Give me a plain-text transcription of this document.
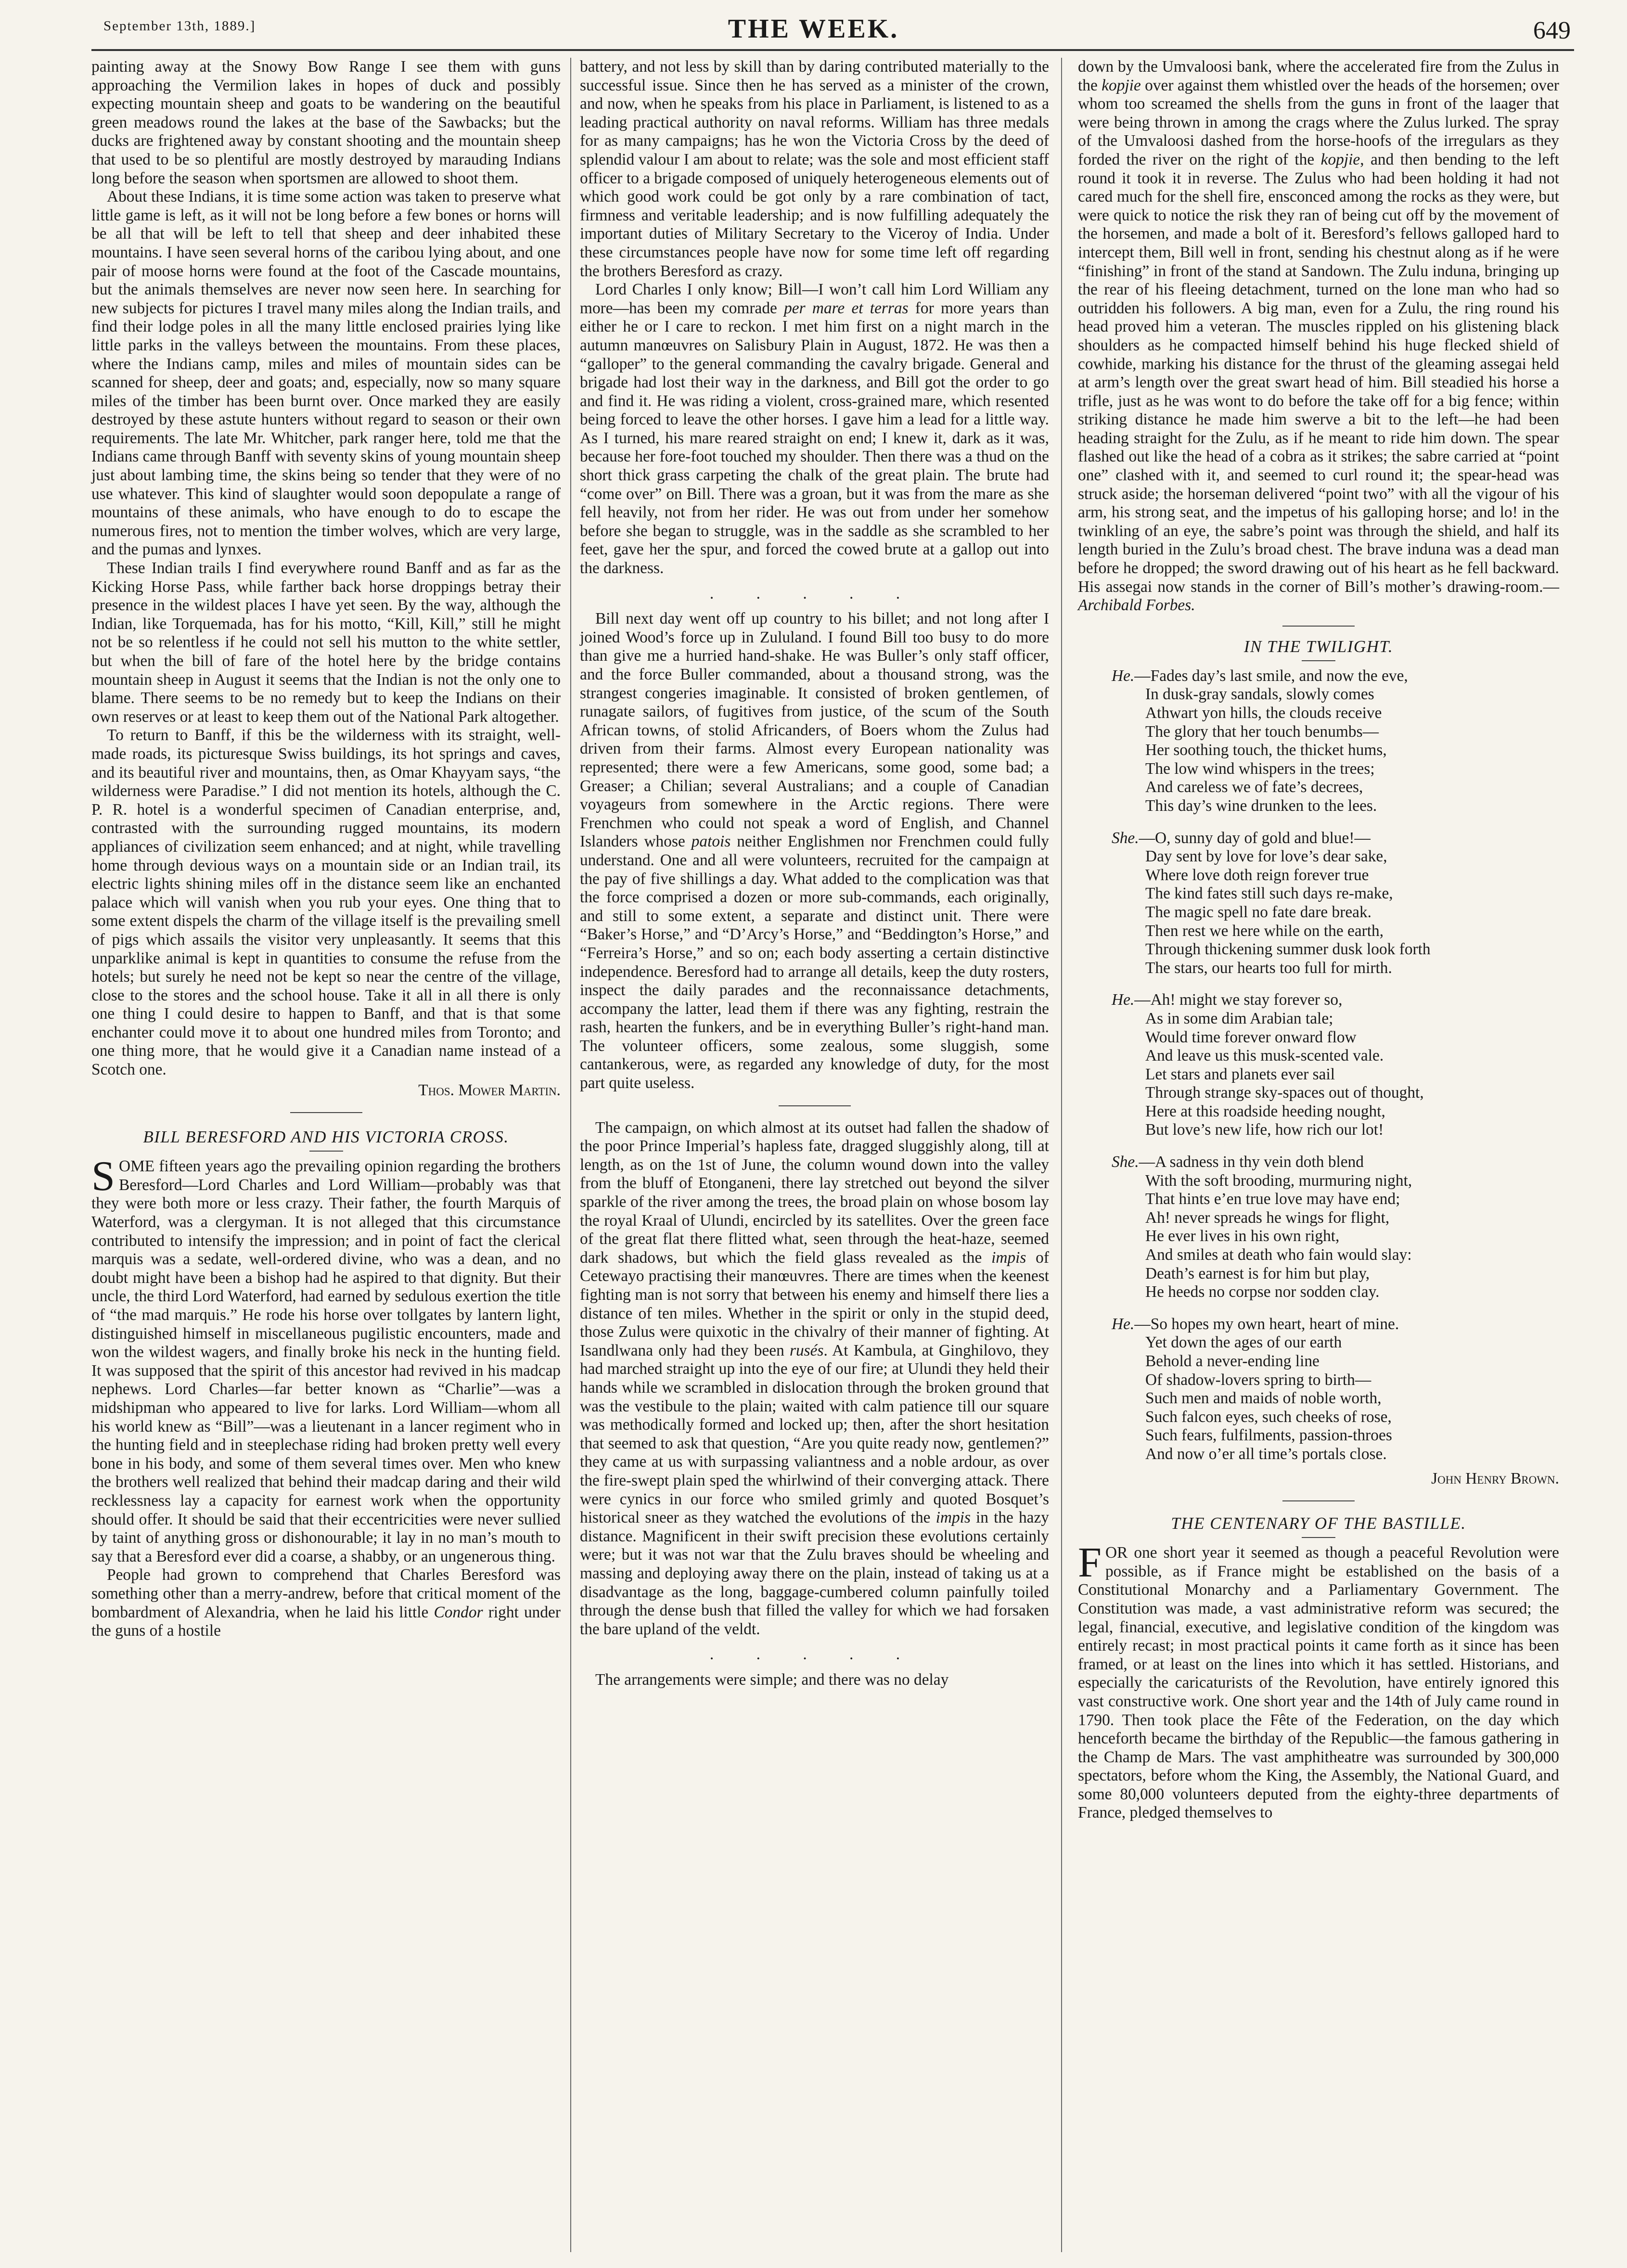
September 13th, 1889.]	THE WEEK.	649

painting away at the Snowy Bow Range I see them with guns approaching the Vermilion lakes in hopes of duck and possibly expecting mountain sheep and goats to be wandering on the beautiful green meadows round the lakes at the base of the Sawbacks; but the ducks are frightened away by constant shooting and the mountain sheep that used to be so plentiful are mostly destroyed by marauding Indians long before the season when sportsmen are allowed to shoot them.

About these Indians, it is time some action was taken to preserve what little game is left, as it will not be long before a few bones or horns will be all that will be left to tell that sheep and deer inhabited these mountains. I have seen several horns of the caribou lying about, and one pair of moose horns were found at the foot of the Cascade mountains, but the animals themselves are never now seen here. In searching for new subjects for pictures I travel many miles along the Indian trails, and find their lodge poles in all the many little enclosed prairies lying like little parks in the valleys between the mountains. From these places, where the Indians camp, miles and miles of mountain sides can be scanned for sheep, deer and goats; and, especially, now so many square miles of the timber has been burnt over. Once marked they are easily destroyed by these astute hunters without regard to season or their own requirements. The late Mr. Whitcher, park ranger here, told me that the Indians came through Banff with seventy skins of young mountain sheep just about lambing time, the skins being so tender that they were of no use whatever. This kind of slaughter would soon depopulate a range of mountains of these animals, who have enough to do to escape the numerous fires, not to mention the timber wolves, which are very large, and the pumas and lynxes.

These Indian trails I find everywhere round Banff and as far as the Kicking Horse Pass, while farther back horse droppings betray their presence in the wildest places I have yet seen. By the way, although the Indian, like Torquemada, has for his motto, “Kill, Kill,” still he might not be so relentless if he could not sell his mutton to the white settler, but when the bill of fare of the hotel here by the bridge contains mountain sheep in August it seems that the Indian is not the only one to blame. There seems to be no remedy but to keep the Indians on their own reserves or at least to keep them out of the National Park altogether.

To return to Banff, if this be the wilderness with its straight, well-made roads, its picturesque Swiss buildings, its hot springs and caves, and its beautiful river and mountains, then, as Omar Khayyam says, “the wilderness were Paradise.” I did not mention its hotels, although the C. P. R. hotel is a wonderful specimen of Canadian enterprise, and, contrasted with the surrounding rugged mountains, its modern appliances of civilization seem enhanced; and at night, while travelling home through devious ways on a mountain side or an Indian trail, its electric lights shining miles off in the distance seem like an enchanted palace which will vanish when you rub your eyes. One thing that to some extent dispels the charm of the village itself is the prevailing smell of pigs which assails the visitor very unpleasantly. It seems that this unparklike animal is kept in quantities to consume the refuse from the hotels; but surely he need not be kept so near the centre of the village, close to the stores and the school house. Take it all in all there is only one thing I could desire to happen to Banff, and that is that some enchanter could move it to about one hundred miles from Toronto; and one thing more, that he would give it a Canadian name instead of a Scotch one.

Thos. Mower Martin.

BILL BERESFORD AND HIS VICTORIA CROSS.

SOME fifteen years ago the prevailing opinion regarding the brothers Beresford—Lord Charles and Lord William—probably was that they were both more or less crazy. Their father, the fourth Marquis of Waterford, was a clergyman. It is not alleged that this circumstance contributed to intensify the impression; and in point of fact the clerical marquis was a sedate, well-ordered divine, who was a dean, and no doubt might have been a bishop had he aspired to that dignity. But their uncle, the third Lord Waterford, had earned by sedulous exertion the title of “the mad marquis.” He rode his horse over tollgates by lantern light, distinguished himself in miscellaneous pugilistic encounters, made and won the wildest wagers, and finally broke his neck in the hunting field. It was supposed that the spirit of this ancestor had revived in his madcap nephews. Lord Charles—far better known as “Charlie”—was a midshipman who appeared to live for larks. Lord William—whom all his world knew as “Bill”—was a lieutenant in a lancer regiment who in the hunting field and in steeplechase riding had broken pretty well every bone in his body, and some of them several times over. Men who knew the brothers well realized that behind their madcap daring and their wild recklessness lay a capacity for earnest work when the opportunity should offer. It should be said that their eccentricities were never sullied by taint of anything gross or dishonourable; it lay in no man’s mouth to say that a Beresford ever did a coarse, a shabby, or an ungenerous thing.

People had grown to comprehend that Charles Beresford was something other than a merry-andrew, before that critical moment of the bombardment of Alexandria, when he laid his little Condor right under the guns of a hostile

battery, and not less by skill than by daring contributed materially to the successful issue. Since then he has served as a minister of the crown, and now, when he speaks from his place in Parliament, is listened to as a leading practical authority on naval reforms. William has three medals for as many campaigns; has he won the Victoria Cross by the deed of splendid valour I am about to relate; was the sole and most efficient staff officer to a brigade composed of uniquely heterogeneous elements out of which good work could be got only by a rare combination of tact, firmness and veritable leadership; and is now fulfilling adequately the important duties of Military Secretary to the Viceroy of India. Under these circumstances people have now for some time left off regarding the brothers Beresford as crazy.

Lord Charles I only know; Bill—I won’t call him Lord William any more—has been my comrade per mare et terras for more years than either he or I care to reckon. I met him first on a night march in the autumn manœuvres on Salisbury Plain in August, 1872. He was then a “galloper” to the general commanding the cavalry brigade. General and brigade had lost their way in the darkness, and Bill got the order to go and find it. He was riding a violent, cross-grained mare, which resented being forced to leave the other horses. I gave him a lead for a little way. As I turned, his mare reared straight on end; I knew it, dark as it was, because her fore-foot touched my shoulder. Then there was a thud on the short thick grass carpeting the chalk of the great plain. The brute had “come over” on Bill. There was a groan, but it was from the mare as she fell heavily, not from her rider. He was out from under her somehow before she began to struggle, was in the saddle as she scrambled to her feet, gave her the spur, and forced the cowed brute at a gallop out into the darkness.

. . . . .

Bill next day went off up country to his billet; and not long after I joined Wood’s force up in Zululand. I found Bill too busy to do more than give me a hurried hand-shake. He was Buller’s only staff officer, and the force Buller commanded, about a thousand strong, was the strangest congeries imaginable. It consisted of broken gentlemen, of runagate sailors, of fugitives from justice, of the scum of the South African towns, of stolid Africanders, of Boers whom the Zulus had driven from their farms. Almost every European nationality was represented; there were a few Americans, some good, some bad; a Greaser; a Chilian; several Australians; and a couple of Canadian voyageurs from somewhere in the Arctic regions. There were Frenchmen who could not speak a word of English, and Channel Islanders whose patois neither Englishmen nor Frenchmen could fully understand. One and all were volunteers, recruited for the campaign at the pay of five shillings a day. What added to the complication was that the force comprised a dozen or more sub-commands, each originally, and still to some extent, a separate and distinct unit. There were “Baker’s Horse,” and “D’Arcy’s Horse,” and “Beddington’s Horse,” and “Ferreira’s Horse,” and so on; each body asserting a certain distinctive independence. Beresford had to arrange all details, keep the duty rosters, inspect the daily parades and the reconnaissance detachments, accompany the latter, lead them if there was any fighting, restrain the rash, hearten the funkers, and be in everything Buller’s right-hand man. The volunteer officers, some zealous, some sluggish, some cantankerous, were, as regarded any knowledge of duty, for the most part quite useless.

The campaign, on which almost at its outset had fallen the shadow of the poor Prince Imperial’s hapless fate, dragged sluggishly along, till at length, as on the 1st of June, the column wound down into the valley from the bluff of Etonganeni, there lay stretched out beyond the silver sparkle of the river among the trees, the broad plain on whose bosom lay the royal Kraal of Ulundi, encircled by its satellites. Over the green face of the great flat there flitted what, seen through the heat-haze, seemed dark shadows, but which the field glass revealed as the impis of Cetewayo practising their manœuvres. There are times when the keenest fighting man is not sorry that between his enemy and himself there lies a distance of ten miles. Whether in the spirit or only in the stupid deed, those Zulus were quixotic in the chivalry of their manner of fighting. At Isandlwana only had they been rusés. At Kambula, at Ginghilovo, they had marched straight up into the eye of our fire; at Ulundi they held their hands while we scrambled in dislocation through the broken ground that was the vestibule to the plain; waited with calm patience till our square was methodically formed and locked up; then, after the short hesitation that seemed to ask that question, “Are you quite ready now, gentlemen?” they came at us with surpassing valiantness and a noble ardour, as over the fire-swept plain sped the whirlwind of their converging attack. There were cynics in our force who smiled grimly and quoted Bosquet’s historical sneer as they watched the evolutions of the impis in the hazy distance. Magnificent in their swift precision these evolutions certainly were; but it was not war that the Zulu braves should be wheeling and massing and deploying away there on the plain, instead of taking us at a disadvantage as the long, baggage-cumbered column painfully toiled through the dense bush that filled the valley for which we had forsaken the bare upland of the veldt.

. . . . .

The arrangements were simple; and there was no delay

down by the Umvaloosi bank, where the accelerated fire from the Zulus in the kopjie over against them whistled over the heads of the horsemen; over whom too screamed the shells from the guns in front of the laager that were being thrown in among the crags where the Zulus lurked. The spray of the Umvaloosi dashed from the horse-hoofs of the irregulars as they forded the river on the right of the kopjie, and then bending to the left round it took it in reverse. The Zulus who had been holding it had not cared much for the shell fire, ensconced among the rocks as they were, but were quick to notice the risk they ran of being cut off by the movement of the horsemen, and made a bolt of it. Beresford’s fellows galloped hard to intercept them, Bill well in front, sending his chestnut along as if he were “finishing” in front of the stand at Sandown. The Zulu induna, bringing up the rear of his fleeing detachment, turned on the lone man who had so outridden his followers. A big man, even for a Zulu, the ring round his head proved him a veteran. The muscles rippled on his glistening black shoulders as he compacted himself behind his huge flecked shield of cowhide, marking his distance for the thrust of the gleaming assegai held at arm’s length over the great swart head of him. Bill steadied his horse a trifle, just as he was wont to do before the take off for a big fence; within striking distance he made him swerve a bit to the left—he had been heading straight for the Zulu, as if he meant to ride him down. The spear flashed out like the head of a cobra as it strikes; the sabre carried at “point one” clashed with it, and seemed to curl round it; the spear-head was struck aside; the horseman delivered “point two” with all the vigour of his arm, his strong seat, and the impetus of his galloping horse; and lo! in the twinkling of an eye, the sabre’s point was through the shield, and half its length buried in the Zulu’s broad chest. The brave induna was a dead man before he dropped; the sword drawing out of his heart as he fell backward. His assegai now stands in the corner of Bill’s mother’s drawing-room.—Archibald Forbes.

IN THE TWILIGHT.
He.—Fades day’s last smile, and now the eve,
In dusk-gray sandals, slowly comes
Athwart yon hills, the clouds receive
The glory that her touch benumbs—
Her soothing touch, the thicket hums,
The low wind whispers in the trees;
And careless we of fate’s decrees,
This day’s wine drunken to the lees.
She.—O, sunny day of gold and blue!—
Day sent by love for love’s dear sake,
Where love doth reign forever true
The kind fates still such days re-make,
The magic spell no fate dare break.
Then rest we here while on the earth,
Through thickening summer dusk look forth
The stars, our hearts too full for mirth.
He.—Ah! might we stay forever so,
As in some dim Arabian tale;
Would time forever onward flow
And leave us this musk-scented vale.
Let stars and planets ever sail
Through strange sky-spaces out of thought,
Here at this roadside heeding nought,
But love’s new life, how rich our lot!
She.—A sadness in thy vein doth blend
With the soft brooding, murmuring night,
That hints e’en true love may have end;
Ah! never spreads he wings for flight,
He ever lives in his own right,
And smiles at death who fain would slay:
Death’s earnest is for him but play,
He heeds no corpse nor sodden clay.
He.—So hopes my own heart, heart of mine.
Yet down the ages of our earth
Behold a never-ending line
Of shadow-lovers spring to birth—
Such men and maids of noble worth,
Such falcon eyes, such cheeks of rose,
Such fears, fulfilments, passion-throes
And now o’er all time’s portals close.

John Henry Brown.

THE CENTENARY OF THE BASTILLE.

FOR one short year it seemed as though a peaceful Revolution were possible, as if France might be established on the basis of a Constitutional Monarchy and a Parliamentary Government. The Constitution was made, a vast administrative reform was secured; the legal, financial, executive, and legislative condition of the kingdom was entirely recast; in most practical points it came forth as it since has been framed, or at least on the lines into which it has settled. Historians, and especially the caricaturists of the Revolution, have entirely ignored this vast constructive work. One short year and the 14th of July came round in 1790. Then took place the Fête of the Federation, on the day which henceforth became the birthday of the Republic—the famous gathering in the Champ de Mars. The vast amphitheatre was surrounded by 300,000 spectators, before whom the King, the Assembly, the National Guard, and some 80,000 volunteers deputed from the eighty-three departments of France, pledged themselves to
